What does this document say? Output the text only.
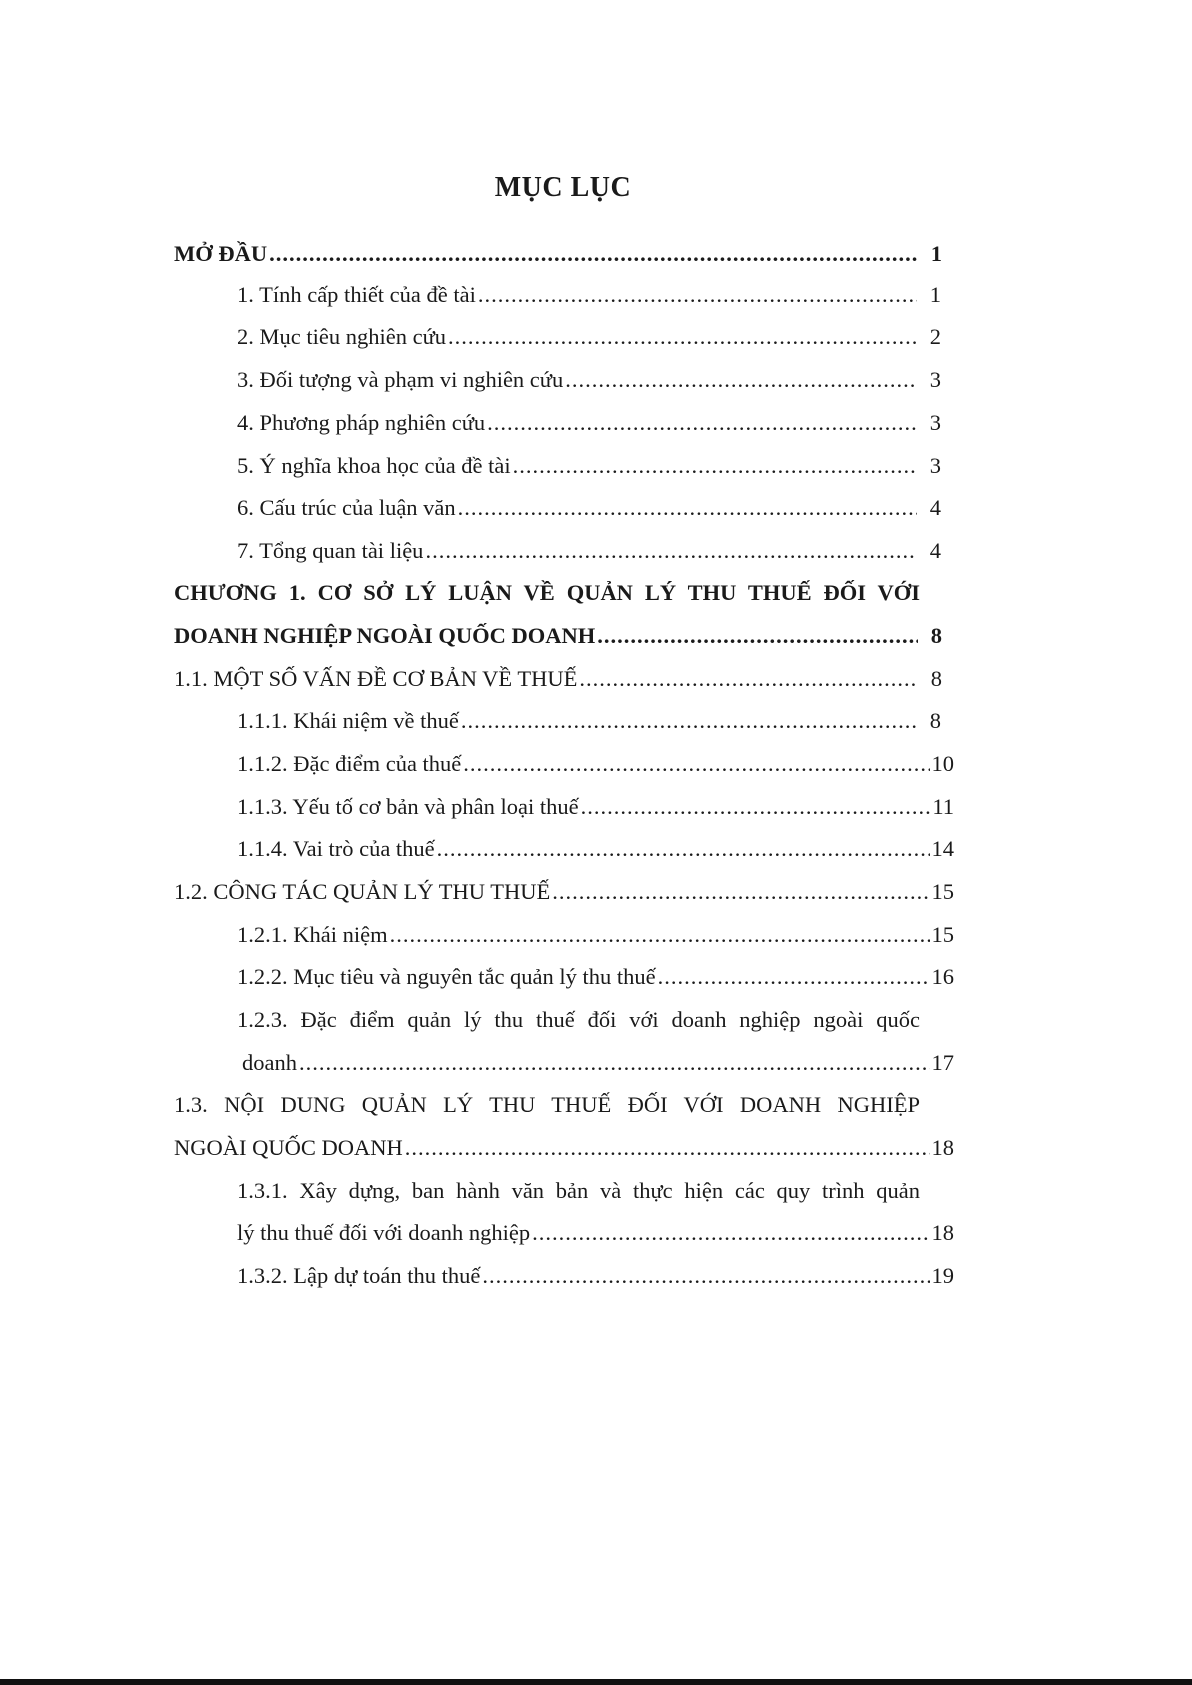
MỤC LỤC
MỞ ĐẦU .....	1
1. Tính cấp thiết của đề tài .....	1
2. Mục tiêu nghiên cứu .....	2
3. Đối tượng và phạm vi nghiên cứu .....	3
4. Phương pháp nghiên cứu .....	3
5. Ý nghĩa khoa học của đề tài .....	3
6. Cấu trúc của luận văn .....	4
7. Tổng quan tài liệu .....	4
CHƯƠNG 1. CƠ SỞ LÝ LUẬN VỀ QUẢN LÝ THU THUẾ ĐỐI VỚI
DOANH NGHIỆP NGOÀI QUỐC DOANH .....	8
1.1. MỘT SỐ VẤN ĐỀ CƠ BẢN VỀ THUẾ .....	8
1.1.1. Khái niệm về thuế .....	8
1.1.2. Đặc điểm của thuế .....	10
1.1.3. Yếu tố cơ bản và phân loại thuế .....	11
1.1.4. Vai trò của thuế .....	14
1.2. CÔNG TÁC QUẢN LÝ THU THUẾ .....	15
1.2.1. Khái niệm .....	15
1.2.2. Mục tiêu và nguyên tắc quản lý thu thuế .....	16
1.2.3. Đặc điểm quản lý thu thuế đối với doanh nghiệp ngoài quốc
doanh .....	17
1.3. NỘI DUNG QUẢN LÝ THU THUẾ ĐỐI VỚI DOANH NGHIỆP
NGOÀI QUỐC DOANH .....	18
1.3.1. Xây dựng, ban hành văn bản và thực hiện các quy trình quản
lý thu thuế đối với doanh nghiệp .....	18
1.3.2. Lập dự toán thu thuế .....	19
